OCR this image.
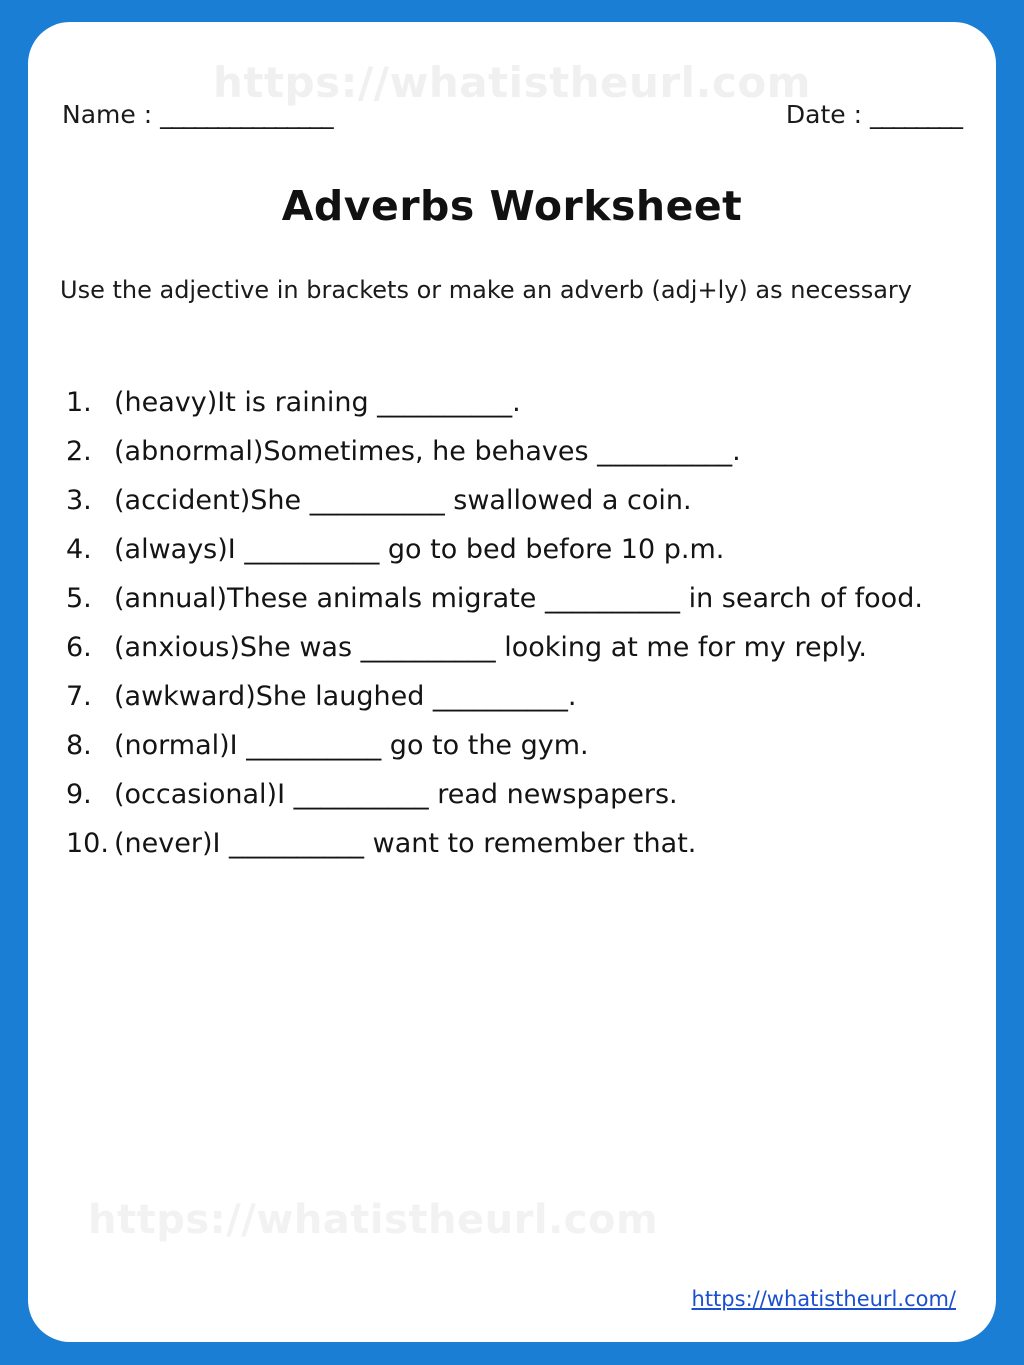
https://whatistheurl.com
Name : _______________	Date : ________
Adverbs Worksheet
Use the adjective in brackets or make an adverb (adj+ly) as necessary
1. (heavy)It is raining __________.
2. (abnormal)Sometimes, he behaves __________.
3. (accident)She __________ swallowed a coin.
4. (always)I __________ go to bed before 10 p.m.
5. (annual)These animals migrate __________ in search of food.
6. (anxious)She was __________ looking at me for my reply.
7. (awkward)She laughed __________.
8. (normal)I __________ go to the gym.
9. (occasional)I __________ read newspapers.
10. (never)I __________ want to remember that.
https://whatistheurl.com
https://whatistheurl.com/
